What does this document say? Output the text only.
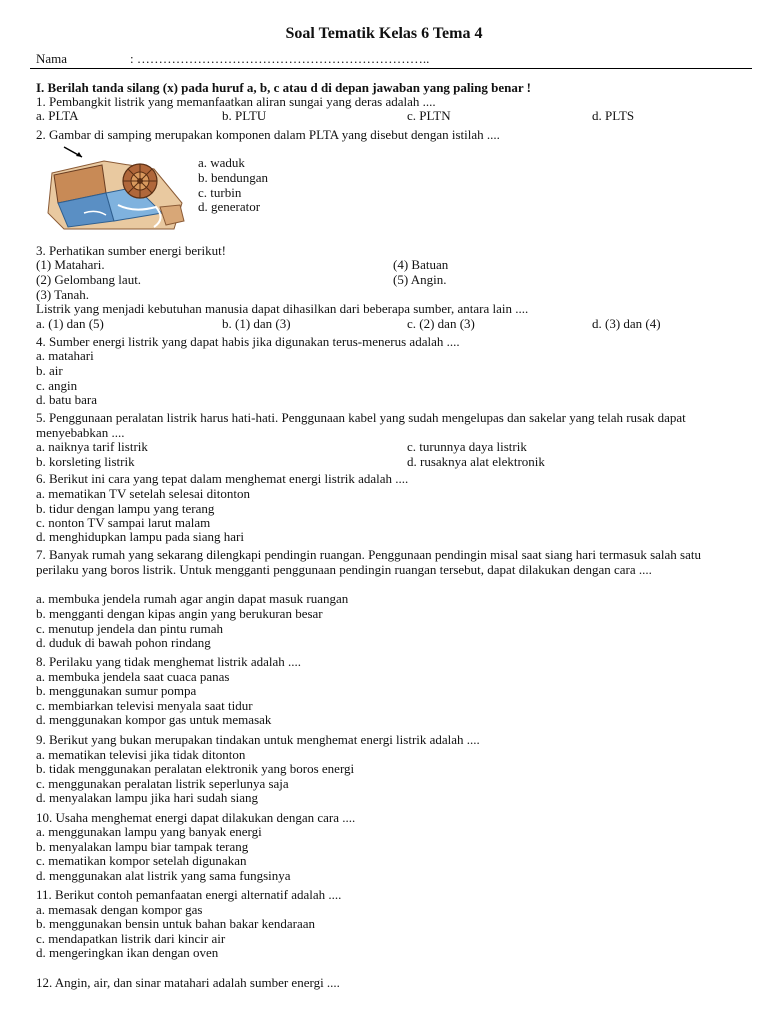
Soal Tematik Kelas 6 Tema 4
Nama	: …………………………………………………………..
I. Berilah tanda silang (x) pada huruf a, b, c atau d di depan jawaban yang paling benar !
1. Pembangkit listrik yang memanfaatkan aliran sungai yang deras adalah ....
a. PLTA	b. PLTU	c. PLTN	d. PLTS
2. Gambar di samping merupakan komponen dalam PLTA yang disebut dengan istilah ....
a. waduk
b. bendungan
c. turbin
d. generator
3. Perhatikan sumber energi berikut!
(1) Matahari.	(4) Batuan
(2) Gelombang laut.	(5) Angin.
(3) Tanah.
Listrik yang menjadi kebutuhan manusia dapat dihasilkan dari beberapa sumber, antara lain ....
a. (1) dan (5)	b. (1) dan (3)	c. (2) dan (3)	d. (3) dan (4)
4. Sumber energi listrik yang dapat habis jika digunakan terus-menerus adalah ....
a. matahari
b. air
c. angin
d. batu bara
5. Penggunaan peralatan listrik harus hati-hati. Penggunaan kabel yang sudah mengelupas dan sakelar yang telah rusak dapat menyebabkan ....
a. naiknya tarif listrik	c. turunnya daya listrik
b. korsleting listrik	d. rusaknya alat elektronik
6. Berikut ini cara yang tepat dalam menghemat energi listrik adalah ....
a. mematikan TV setelah selesai ditonton
b. tidur dengan lampu yang terang
c. nonton TV sampai larut malam
d. menghidupkan lampu pada siang hari
7. Banyak rumah yang sekarang dilengkapi pendingin ruangan. Penggunaan pendingin misal saat siang hari termasuk salah satu perilaku yang boros listrik. Untuk mengganti penggunaan pendingin ruangan tersebut, dapat dilakukan dengan cara ....
a. membuka jendela rumah agar angin dapat masuk ruangan
b. mengganti dengan kipas angin yang berukuran besar
c. menutup jendela dan pintu rumah
d. duduk di bawah pohon rindang
8. Perilaku yang tidak menghemat listrik adalah ....
a. membuka jendela saat cuaca panas
b. menggunakan sumur pompa
c. membiarkan televisi menyala saat tidur
d. menggunakan kompor gas untuk memasak
9. Berikut yang bukan merupakan tindakan untuk menghemat energi listrik adalah ....
a. mematikan televisi jika tidak ditonton
b. tidak menggunakan peralatan elektronik yang boros energi
c. menggunakan peralatan listrik seperlunya saja
d. menyalakan lampu jika hari sudah siang
10. Usaha menghemat energi dapat dilakukan dengan cara ....
a. menggunakan lampu yang banyak energi
b. menyalakan lampu biar tampak terang
c. mematikan kompor setelah digunakan
d. menggunakan alat listrik yang sama fungsinya
11. Berikut contoh pemanfaatan energi alternatif adalah ....
a. memasak dengan kompor gas
b. menggunakan bensin untuk bahan bakar kendaraan
c. mendapatkan listrik dari kincir air
d. mengeringkan ikan dengan oven
12. Angin, air, dan sinar matahari adalah sumber energi ....
